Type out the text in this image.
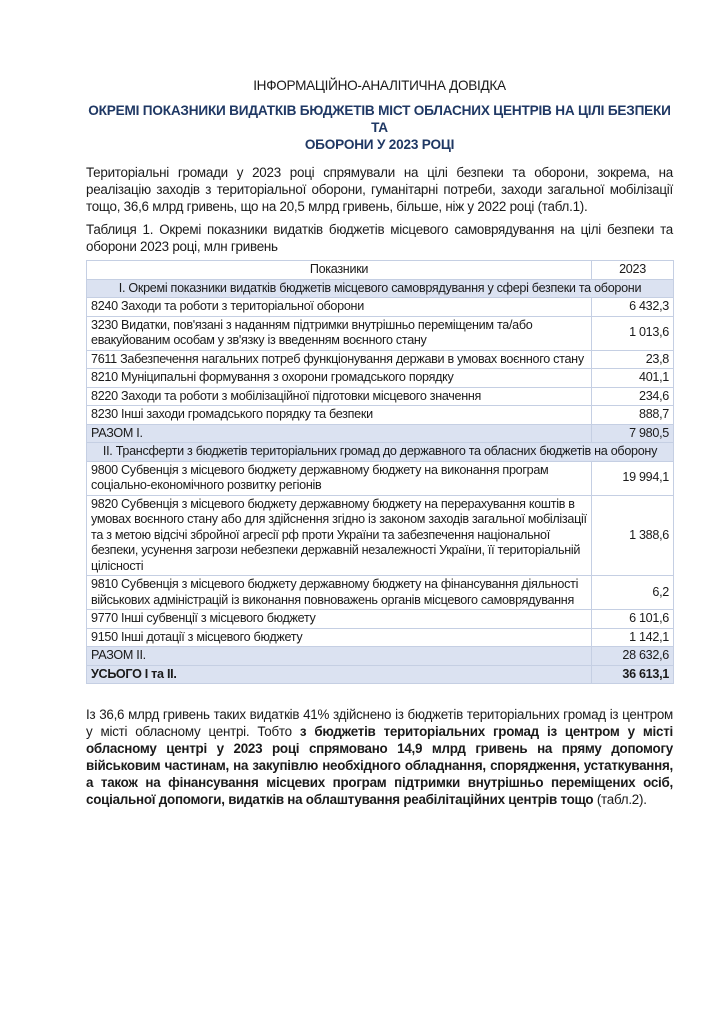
ІНФОРМАЦІЙНО-АНАЛІТИЧНА ДОВІДКА
ОКРЕМІ ПОКАЗНИКИ ВИДАТКІВ БЮДЖЕТІВ МІСТ ОБЛАСНИХ ЦЕНТРІВ НА ЦІЛІ БЕЗПЕКИ ТА
ОБОРОНИ У 2023 РОЦІ

Територіальні громади у 2023 році спрямували на цілі безпеки та оборони, зокрема, на реалізацію заходів з територіальної оборони, гуманітарні потреби, заходи загальної мобілізації тощо, 36,6 млрд гривень, що на 20,5 млрд гривень, більше, ніж у 2022 році (табл.1).

Таблиця 1. Окремі показники видатків бюджетів місцевого самоврядування на цілі безпеки та оборони 2023 році, млн гривень

Показники	2023
І. Окремі показники видатків бюджетів місцевого самоврядування у сфері безпеки та оборони	
8240 Заходи та роботи з територіальної оборони	6 432,3
3230 Видатки, пов'язані з наданням підтримки внутрішньо переміщеним та/або евакуйованим особам у зв'язку із введенням воєнного стану	1 013,6
7611 Забезпечення нагальних потреб функціонування держави в умовах воєнного стану	23,8
8210 Муніципальні формування з охорони громадського порядку	401,1
8220 Заходи та роботи з мобілізаційної підготовки місцевого значення	234,6
8230 Інші заходи громадського порядку та безпеки	888,7
РАЗОМ І.	7 980,5
ІІ. Трансферти з бюджетів територіальних громад до державного та обласних бюджетів на оборону	
9800 Субвенція з місцевого бюджету державному бюджету на виконання програм соціально-економічного розвитку регіонів	19 994,1
9820 Субвенція з місцевого бюджету державному бюджету на перерахування коштів в умовах воєнного стану або для здійснення згідно із законом заходів загальної мобілізації та з метою відсічі збройної агресії рф проти України та забезпечення національної безпеки, усунення загрози небезпеки державній незалежності України, її територіальній цілісності	1 388,6
9810 Субвенція з місцевого бюджету державному бюджету на фінансування діяльності військових адміністрацій із виконання повноважень органів місцевого самоврядування	6,2
9770 Інші субвенції з місцевого бюджету	6 101,6
9150 Інші дотації з місцевого бюджету	1 142,1
РАЗОМ ІІ.	28 632,6
УСЬОГО І та ІІ.	36 613,1

Із 36,6 млрд гривень таких видатків 41% здійснено із бюджетів територіальних громад із центром у місті обласному центрі. Тобто з бюджетів територіальних громад із центром у місті обласному центрі у 2023 році спрямовано 14,9 млрд гривень на пряму допомогу військовим частинам, на закупівлю необхідного обладнання, спорядження, устаткування, а також на фінансування місцевих програм підтримки внутрішньо переміщених осіб, соціальної допомоги, видатків на облаштування реабілітаційних центрів тощо (табл.2).
